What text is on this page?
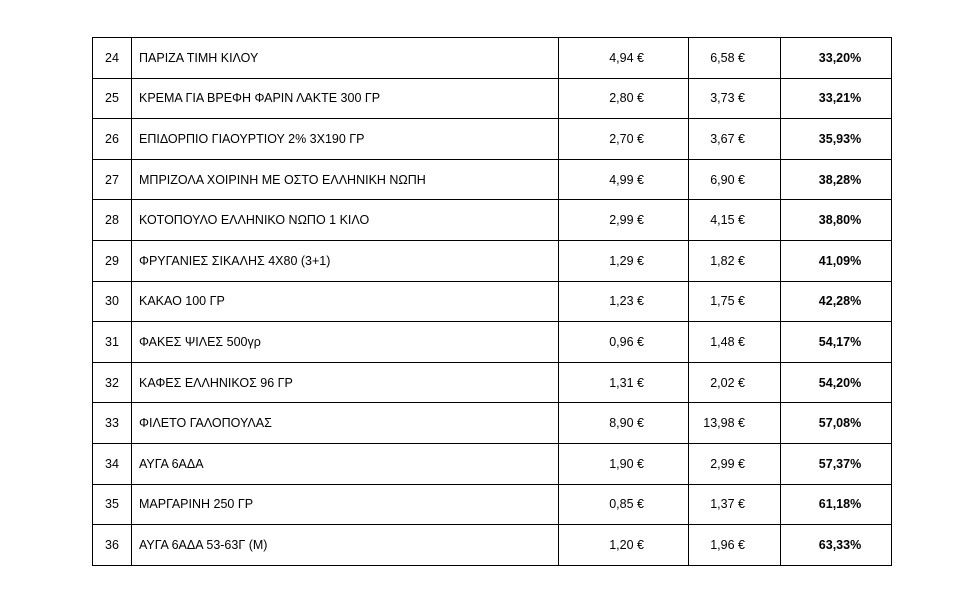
24	ΠΑΡΙΖΑ ΤΙΜΗ ΚΙΛΟΥ	4,94 €	6,58 €	33,20%
25	ΚΡΕΜΑ ΓΙΑ ΒΡΕΦΗ ΦΑΡΙΝ ΛΑΚΤΕ 300 ΓΡ	2,80 €	3,73 €	33,21%
26	ΕΠΙΔΟΡΠΙΟ ΓΙΑΟΥΡΤΙΟΥ 2% 3Χ190 ΓΡ	2,70 €	3,67 €	35,93%
27	ΜΠΡΙΖΟΛΑ ΧΟΙΡΙΝΗ ΜΕ ΟΣΤΟ ΕΛΛΗΝΙΚΗ ΝΩΠΗ	4,99 €	6,90 €	38,28%
28	ΚΟΤΟΠΟΥΛΟ ΕΛΛΗΝΙΚΟ ΝΩΠΟ 1 ΚΙΛΟ	2,99 €	4,15 €	38,80%
29	ΦΡΥΓΑΝΙΕΣ ΣΙΚΑΛΗΣ 4Χ80 (3+1)	1,29 €	1,82 €	41,09%
30	ΚΑΚΑΟ 100 ΓΡ	1,23 €	1,75 €	42,28%
31	ΦΑΚΕΣ ΨΙΛΕΣ 500γρ	0,96 €	1,48 €	54,17%
32	ΚΑΦΕΣ ΕΛΛΗΝΙΚΟΣ 96 ΓΡ	1,31 €	2,02 €	54,20%
33	ΦΙΛΕΤΟ ΓΑΛΟΠΟΥΛΑΣ	8,90 €	13,98 €	57,08%
34	ΑΥΓΑ 6ΑΔΑ	1,90 €	2,99 €	57,37%
35	ΜΑΡΓΑΡΙΝΗ 250 ΓΡ	0,85 €	1,37 €	61,18%
36	ΑΥΓΑ 6ΑΔΑ 53-63Γ (M)	1,20 €	1,96 €	63,33%
